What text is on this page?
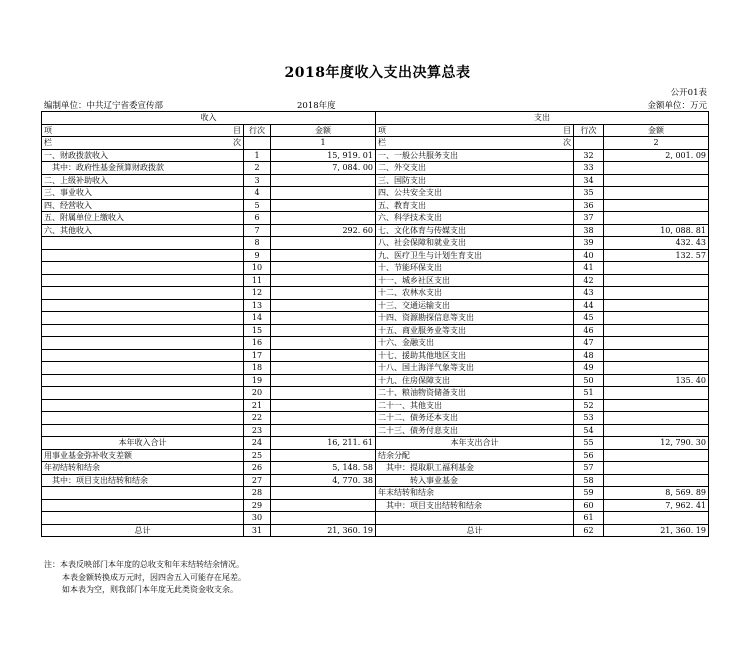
2018年度收入支出决算总表
公开01表
编制单位：中共辽宁省委宣传部	2018年度	金额单位：万元
收入			支出		

项 目	行次	金额	项 目	行次	金额

栏 次		1	栏 次		2
一、财政拨款收入	1	15, 919. 01	一、一般公共服务支出	32	2, 001. 09
　其中：政府性基金预算财政拨款	2	7, 084. 00	二、外交支出	33	
二、上级补助收入	3		三、国防支出	34	
三、事业收入	4		四、公共安全支出	35	
四、经营收入	5		五、教育支出	36	
五、附属单位上缴收入	6		六、科学技术支出	37	
六、其他收入	7	292. 60	七、文化体育与传媒支出	38	10, 088. 81
	8		八、社会保障和就业支出	39	432. 43
	9		九、医疗卫生与计划生育支出	40	132. 57
	10		十、节能环保支出	41	
	11		十一、城乡社区支出	42	
	12		十二、农林水支出	43	
	13		十三、交通运输支出	44	
	14		十四、资源勘探信息等支出	45	
	15		十五、商业服务业等支出	46	
	16		十六、金融支出	47	
	17		十七、援助其他地区支出	48	
	18		十八、国土海洋气象等支出	49	
	19		十九、住房保障支出	50	135. 40
	20		二十、粮油物资储备支出	51	
	21		二十一、其他支出	52	
	22		二十二、债务还本支出	53	
	23		二十三、债务付息支出	54	
本年收入合计	24	16, 211. 61	本年支出合计	55	12, 790. 30
用事业基金弥补收支差额	25		结余分配	56	
年初结转和结余	26	5, 148. 58	　其中：提取职工福利基金	57	
　其中：项目支出结转和结余	27	4, 770. 38	　　　　转入事业基金	58	
	28		年末结转和结余	59	8, 569. 89
	29		　其中：项目支出结转和结余	60	7, 962. 41
	30			61	
总计	31	21, 360. 19	总计	62	21, 360. 19
注：本表反映部门本年度的总收支和年末结转结余情况。
本表金额转换成万元时，因四舍五入可能存在尾差。
如本表为空，则我部门本年度无此类资金收支余。
